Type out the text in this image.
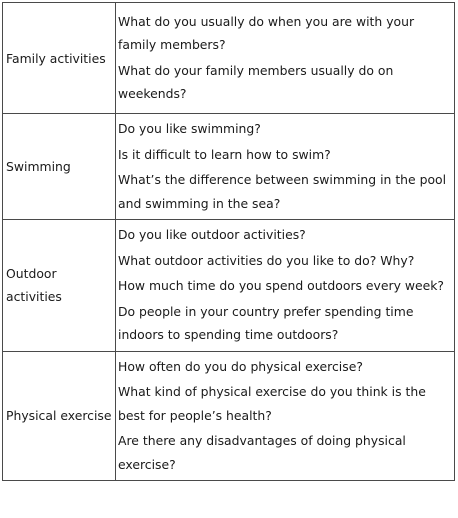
Family activities	What do you usually do when you are with your family members?

What do your family members usually do on weekends?

Swimming	Do you like swimming?

Is it difficult to learn how to swim?

What’s the difference between swimming in the pool and swimming in the sea?

Outdoor activities	Do you like outdoor activities?

What outdoor activities do you like to do? Why?

How much time do you spend outdoors every week?

Do people in your country prefer spending time indoors to spending time outdoors?

Physical exercise	How often do you do physical exercise?

What kind of physical exercise do you think is the best for people’s health?

Are there any disadvantages of doing physical exercise?
